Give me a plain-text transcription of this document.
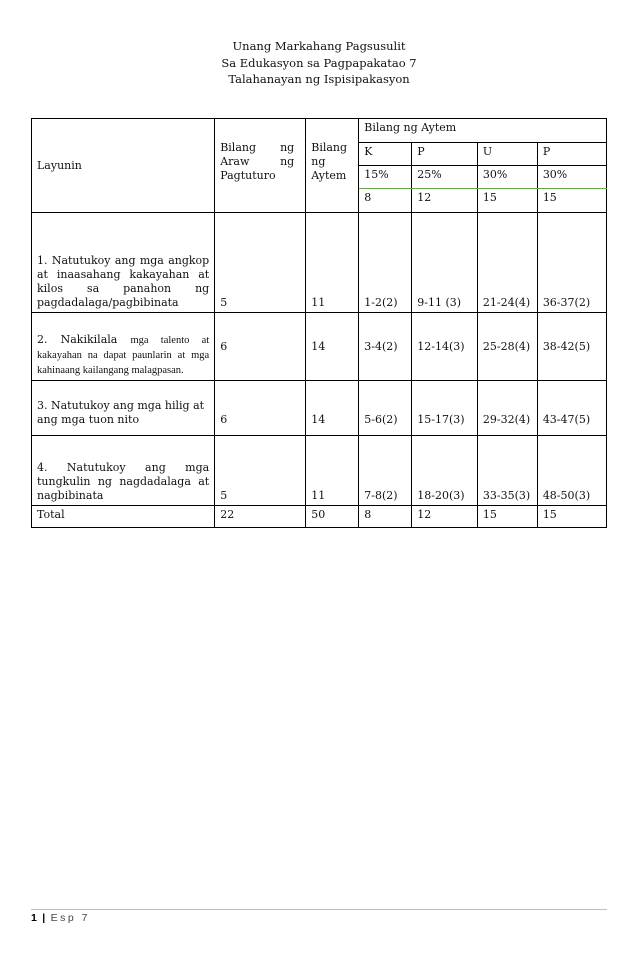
Unang Markahang Pagsusulit
Sa Edukasyon sa Pagpapakatao 7
Talahanayan ng Ispisipakasyon
Layunin	Bilang ng Araw ng Pagtuturo	Bilang ng Aytem	Bilang ng Aytem			
			K	P	U	P
			15%	25%	30%	30%
			8	12	15	15

1. Natutukoy ang mga angkop at inaasahang kakayahan at kilos sa panahon ng pagdadalaga/pagbibinata	5	11	1-2(2)	9-11 (3)	21-24(4)	36-37(2)

2. Nakikilala mga talento at kakayahan na dapat paunlarin at mga kahinaang kailangang malagpasan.	6	14	3-4(2)	12-14(3)	25-28(4)	38-42(5)
3. Natutukoy ang mga hilig at ang mga tuon nito	6	14	5-6(2)	15-17(3)	29-32(4)	43-47(5)

4. Natutukoy ang mga tungkulin ng nagdadalaga at nagbibinata	5	11	7-8(2)	18-20(3)	33-35(3)	48-50(3)
Total	22	50	8	12	15	15
1 | Esp 7
